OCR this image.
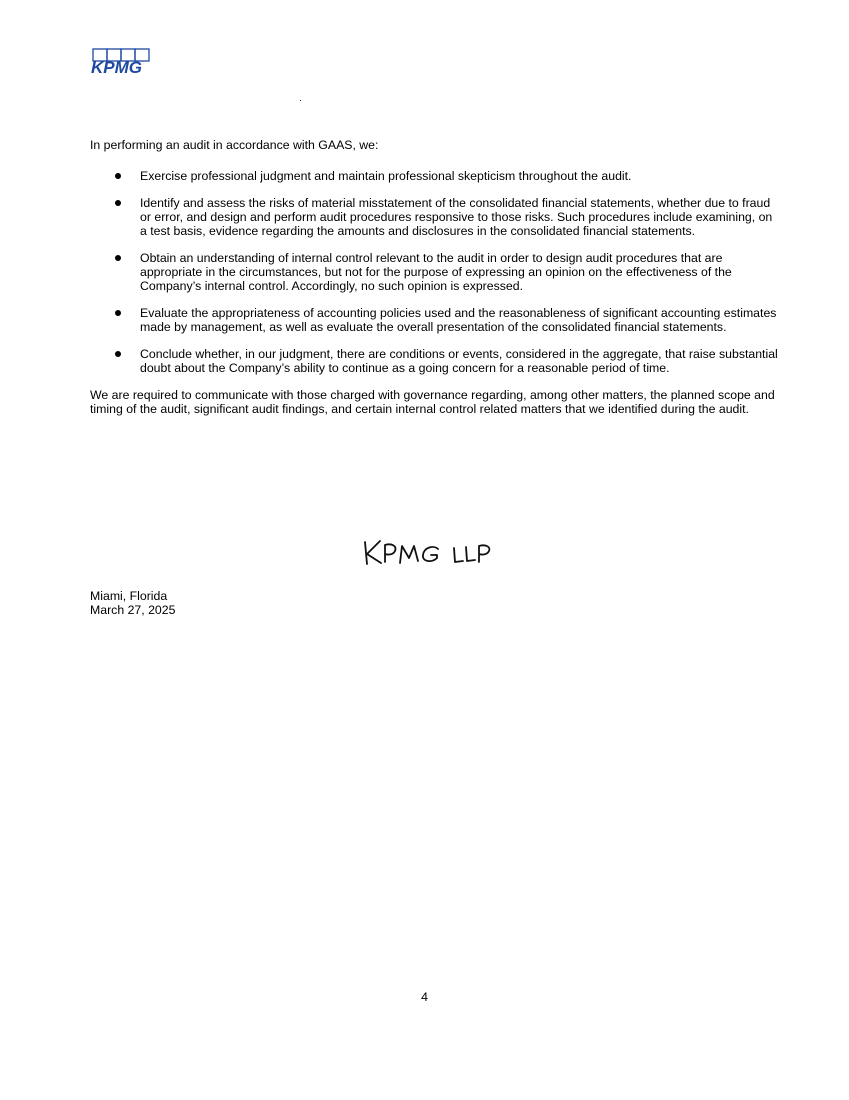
KPMG

In performing an audit in accordance with GAAS, we:

Exercise professional judgment and maintain professional skepticism throughout the audit.
Identify and assess the risks of material misstatement of the consolidated financial statements, whether due to fraud or error, and design and perform audit procedures responsive to those risks. Such procedures include examining, on a test basis, evidence regarding the amounts and disclosures in the consolidated financial statements.
Obtain an understanding of internal control relevant to the audit in order to design audit procedures that are appropriate in the circumstances, but not for the purpose of expressing an opinion on the effectiveness of the Company’s internal control. Accordingly, no such opinion is expressed.
Evaluate the appropriateness of accounting policies used and the reasonableness of significant accounting estimates made by management, as well as evaluate the overall presentation of the consolidated financial statements.
Conclude whether, in our judgment, there are conditions or events, considered in the aggregate, that raise substantial doubt about the Company’s ability to continue as a going concern for a reasonable period of time.

We are required to communicate with those charged with governance regarding, among other matters, the planned scope and timing of the audit, significant audit findings, and certain internal control related matters that we identified during the audit.

Miami, Florida
March 27, 2025
4
